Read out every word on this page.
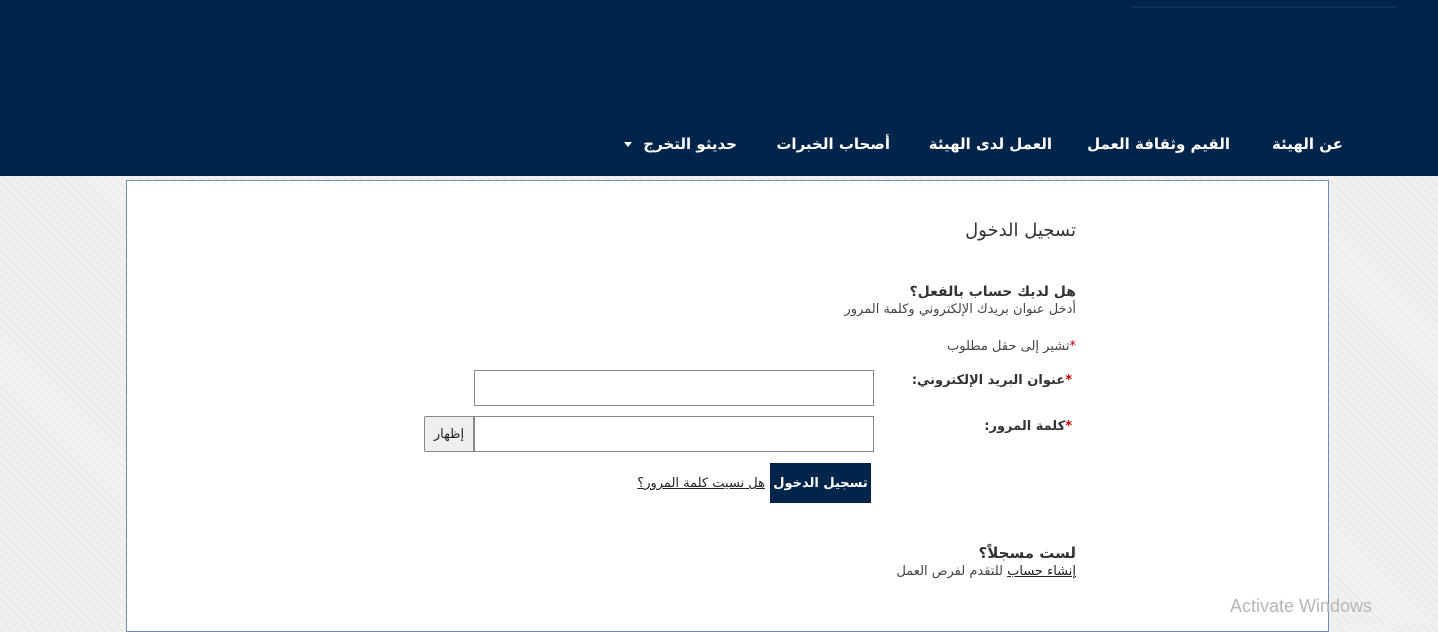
عن الهيئة
القيم وثقافة العمل
العمل لدى الهيئة
أصحاب الخبرات
حديثو التخرج
تسجيل الدخول
هل لديك حساب بالفعل؟
أدخل عنوان بريدك الإلكتروني وكلمة المرور
*تشير إلى حقل مطلوب
*عنوان البريد الإلكتروني:
*كلمة المرور:
إظهار
تسجيل الدخول
هل نسيت كلمة المرور؟
لست مسجلاً؟
إنشاء حساب للتقدم لفرص العمل
Activate Windows
